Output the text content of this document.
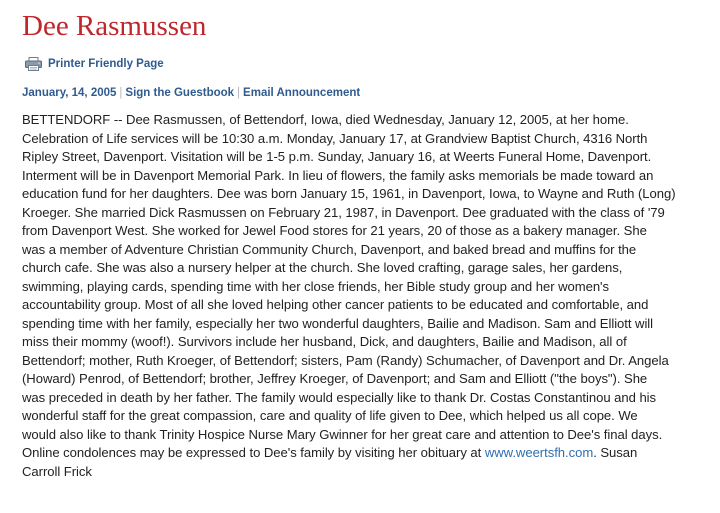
Dee Rasmussen
Printer Friendly Page
January, 14, 2005 | Sign the Guestbook | Email Announcement
BETTENDORF -- Dee Rasmussen, of Bettendorf, Iowa, died Wednesday, January 12, 2005, at her home.
Celebration of Life services will be 10:30 a.m. Monday, January 17, at Grandview Baptist Church, 4316 North
Ripley Street, Davenport. Visitation will be 1-5 p.m. Sunday, January 16, at Weerts Funeral Home, Davenport.
Interment will be in Davenport Memorial Park. In lieu of flowers, the family asks memorials be made toward an
education fund for her daughters. Dee was born January 15, 1961, in Davenport, Iowa, to Wayne and Ruth (Long)
Kroeger. She married Dick Rasmussen on February 21, 1987, in Davenport. Dee graduated with the class of '79
from Davenport West. She worked for Jewel Food stores for 21 years, 20 of those as a bakery manager. She
was a member of Adventure Christian Community Church, Davenport, and baked bread and muffins for the
church cafe. She was also a nursery helper at the church. She loved crafting, garage sales, her gardens,
swimming, playing cards, spending time with her close friends, her Bible study group and her women's
accountability group. Most of all she loved helping other cancer patients to be educated and comfortable, and
spending time with her family, especially her two wonderful daughters, Bailie and Madison. Sam and Elliott will
miss their mommy (woof!). Survivors include her husband, Dick, and daughters, Bailie and Madison, all of
Bettendorf; mother, Ruth Kroeger, of Bettendorf; sisters, Pam (Randy) Schumacher, of Davenport and Dr. Angela
(Howard) Penrod, of Bettendorf; brother, Jeffrey Kroeger, of Davenport; and Sam and Elliott ("the boys"). She
was preceded in death by her father. The family would especially like to thank Dr. Costas Constantinou and his
wonderful staff for the great compassion, care and quality of life given to Dee, which helped us all cope. We
would also like to thank Trinity Hospice Nurse Mary Gwinner for her great care and attention to Dee's final days.
Online condolences may be expressed to Dee's family by visiting her obituary at www.weertsfh.com. Susan
Carroll Frick
